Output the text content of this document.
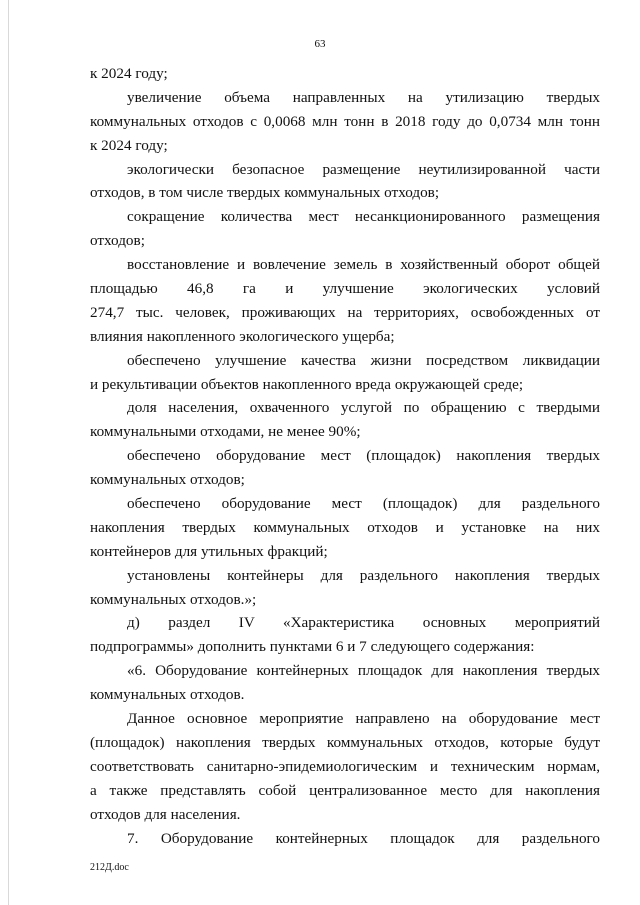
63
к 2024 году;
увеличение объема направленных на утилизацию твердых
коммунальных отходов с 0,0068 млн тонн в 2018 году до 0,0734 млн тонн
к 2024 году;
экологически безопасное размещение неутилизированной части
отходов, в том числе твердых коммунальных отходов;
сокращение количества мест несанкционированного размещения
отходов;
восстановление и вовлечение земель в хозяйственный оборот общей
площадью 46,8 га и улучшение экологических условий
274,7 тыс. человек, проживающих на территориях, освобожденных от
влияния накопленного экологического ущерба;
обеспечено улучшение качества жизни посредством ликвидации
и рекультивации объектов накопленного вреда окружающей среде;
доля населения, охваченного услугой по обращению с твердыми
коммунальными отходами, не менее 90%;
обеспечено оборудование мест (площадок) накопления твердых
коммунальных отходов;
обеспечено оборудование мест (площадок) для раздельного
накопления твердых коммунальных отходов и установке на них
контейнеров для утильных фракций;
установлены контейнеры для раздельного накопления твердых
коммунальных отходов.»;
д) раздел IV «Характеристика основных мероприятий
подпрограммы» дополнить пунктами 6 и 7 следующего содержания:
«6. Оборудование контейнерных площадок для накопления твердых
коммунальных отходов.
Данное основное мероприятие направлено на оборудование мест
(площадок) накопления твердых коммунальных отходов, которые будут
соответствовать санитарно-эпидемиологическим и техническим нормам,
а также представлять собой централизованное место для накопления
отходов для населения.
7. Оборудование контейнерных площадок для раздельного
212Д.doc
